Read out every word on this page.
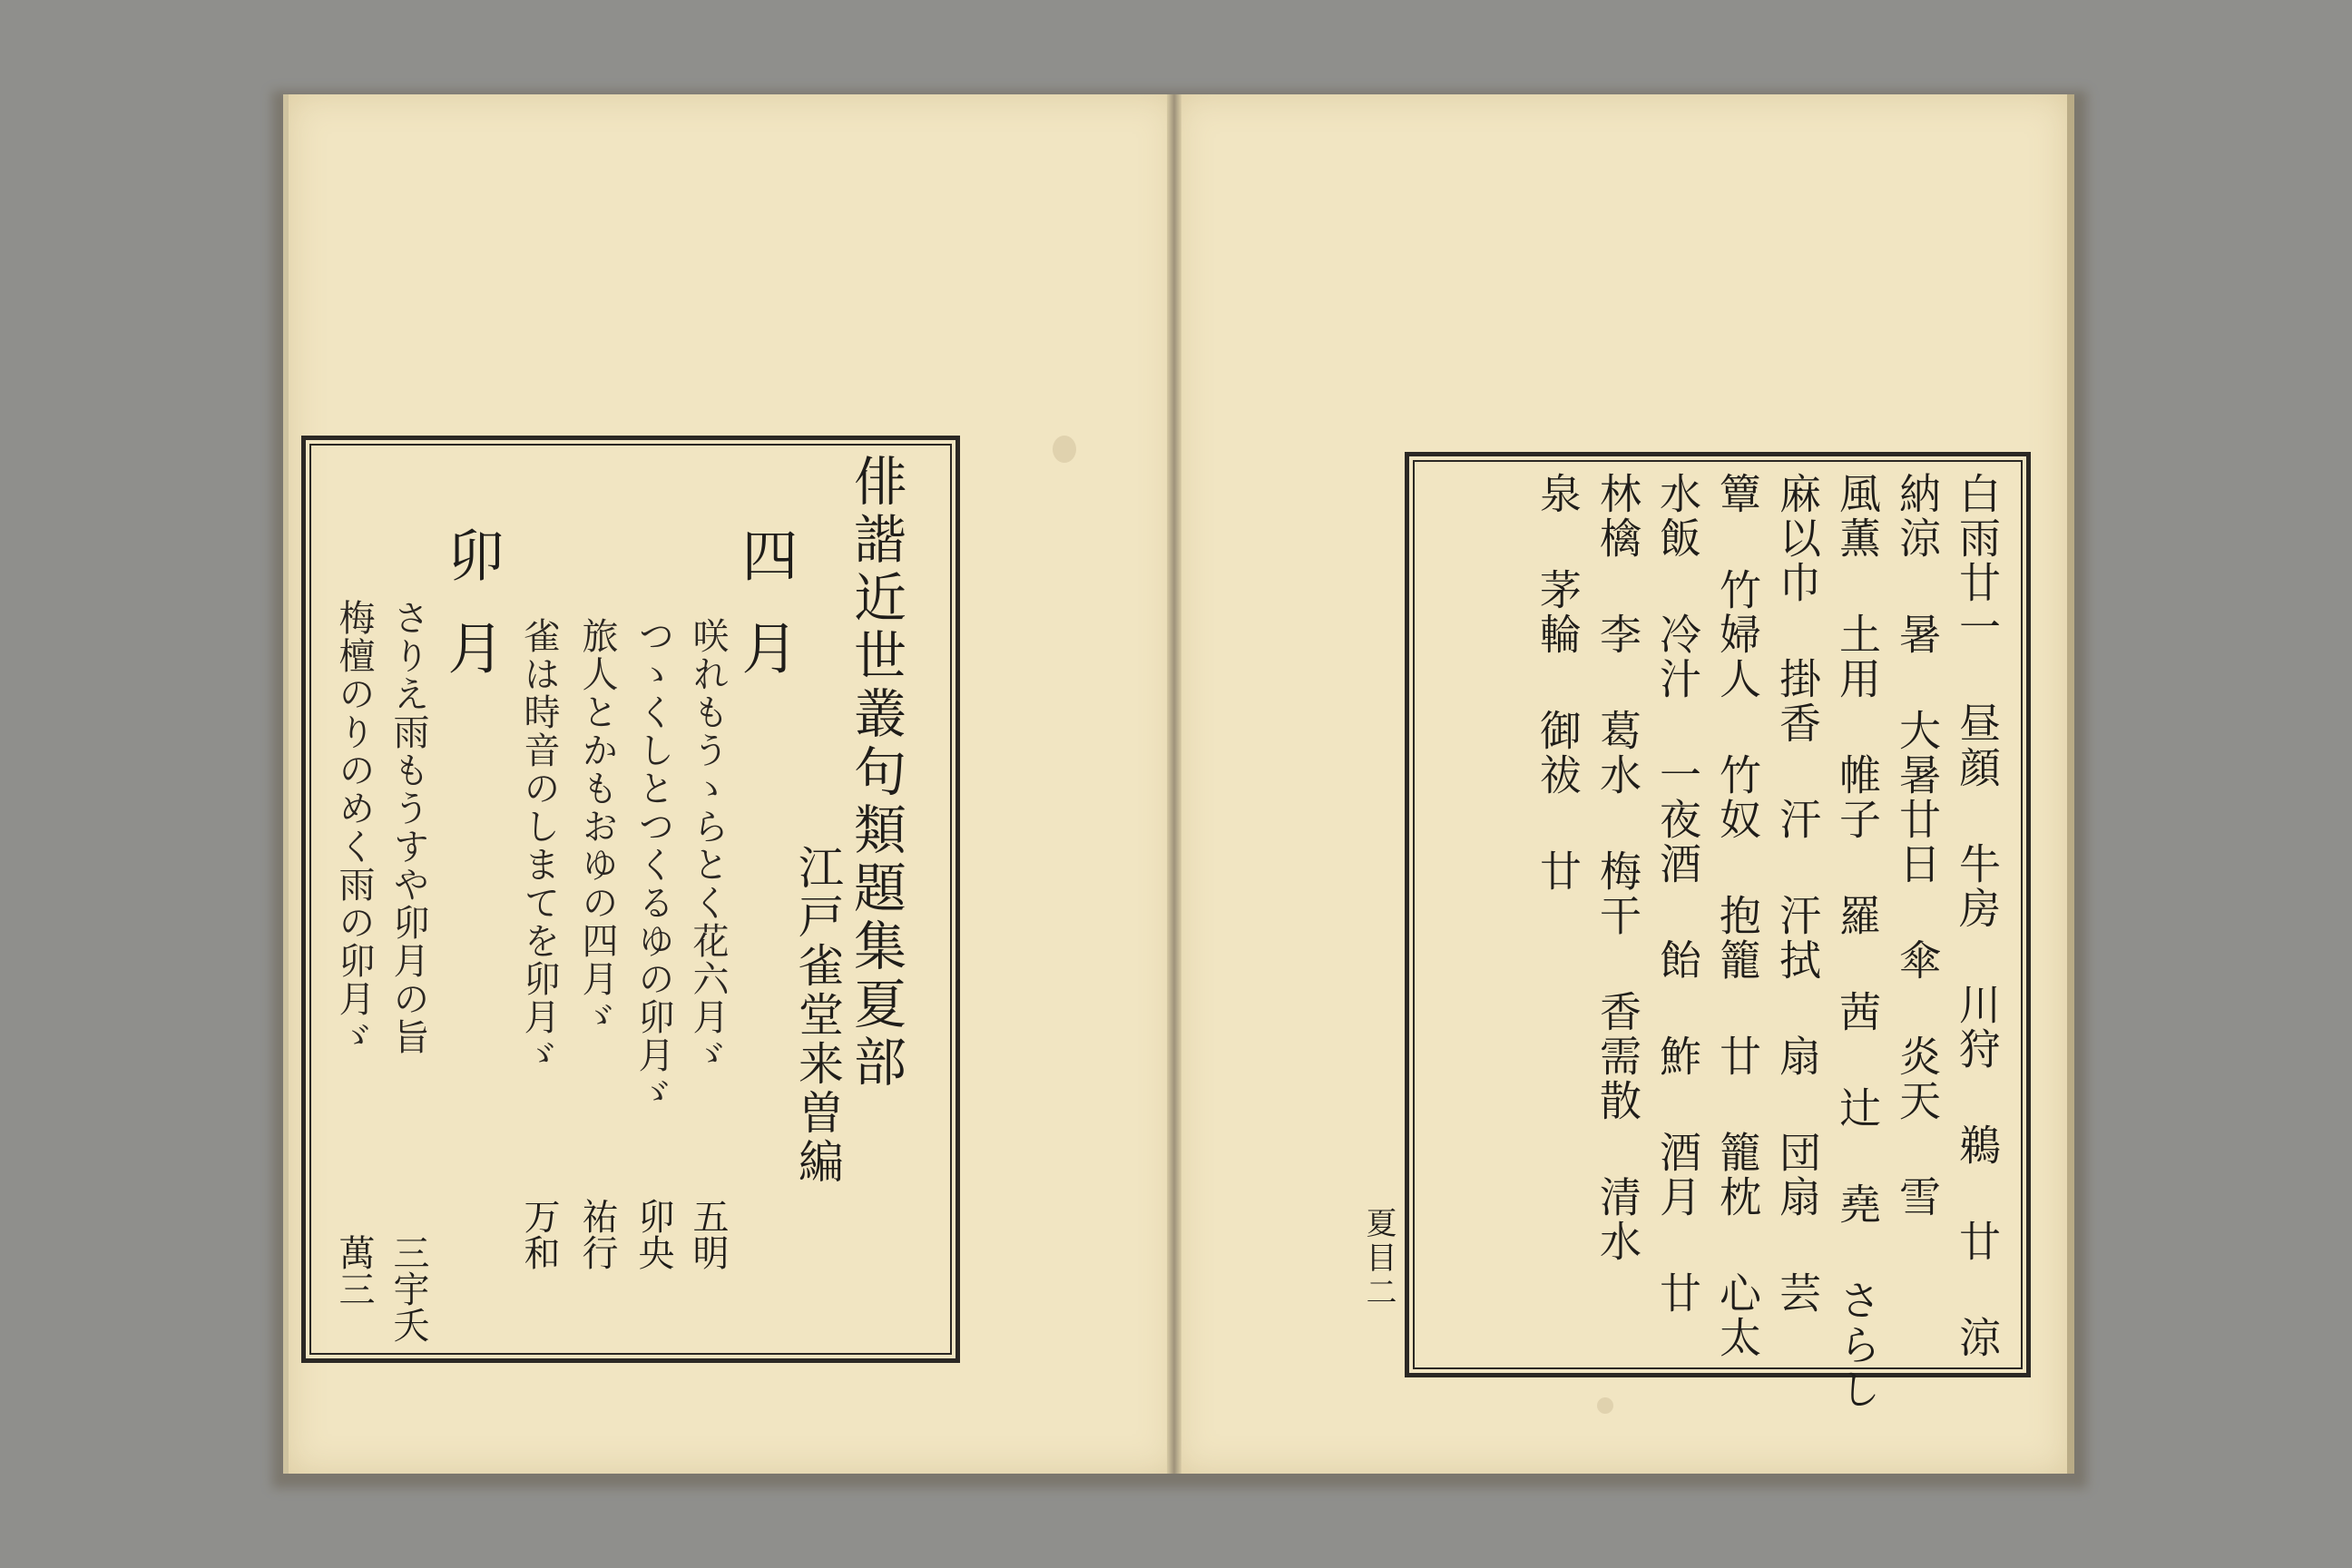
俳諧近世叢句類題集夏部
江戸雀堂来曽編
四月
咲れもうゝらとく花六月ゞ
五明
つゝくしとつくるゆの卯月ゞ
卯央
旅人とかもおゆの四月ゞ
祐行
雀は時音のしまてを卯月ゞ
万和
卯月
さりえ雨もうすや卯月の旨
三宇夭
梅檀のりのめく雨の卯月ゞ
萬三	白雨廿一 昼顔 牛房 川狩 鵜 廿 涼
納涼 暑 大暑廿日 傘 炎天 雪
風薫 土用 帷子 羅 茜 辻 堯 さらし
麻以巾 掛香 汗 汗拭 扇 団扇 芸
簟 竹婦人 竹奴 抱籠 廿 籠枕 心太
水飯 冷汁 一夜酒 飴 鮓 酒月 廿
林檎 李 葛水 梅干 香需散 清水
泉 茅輪 御祓 廿
夏目二
